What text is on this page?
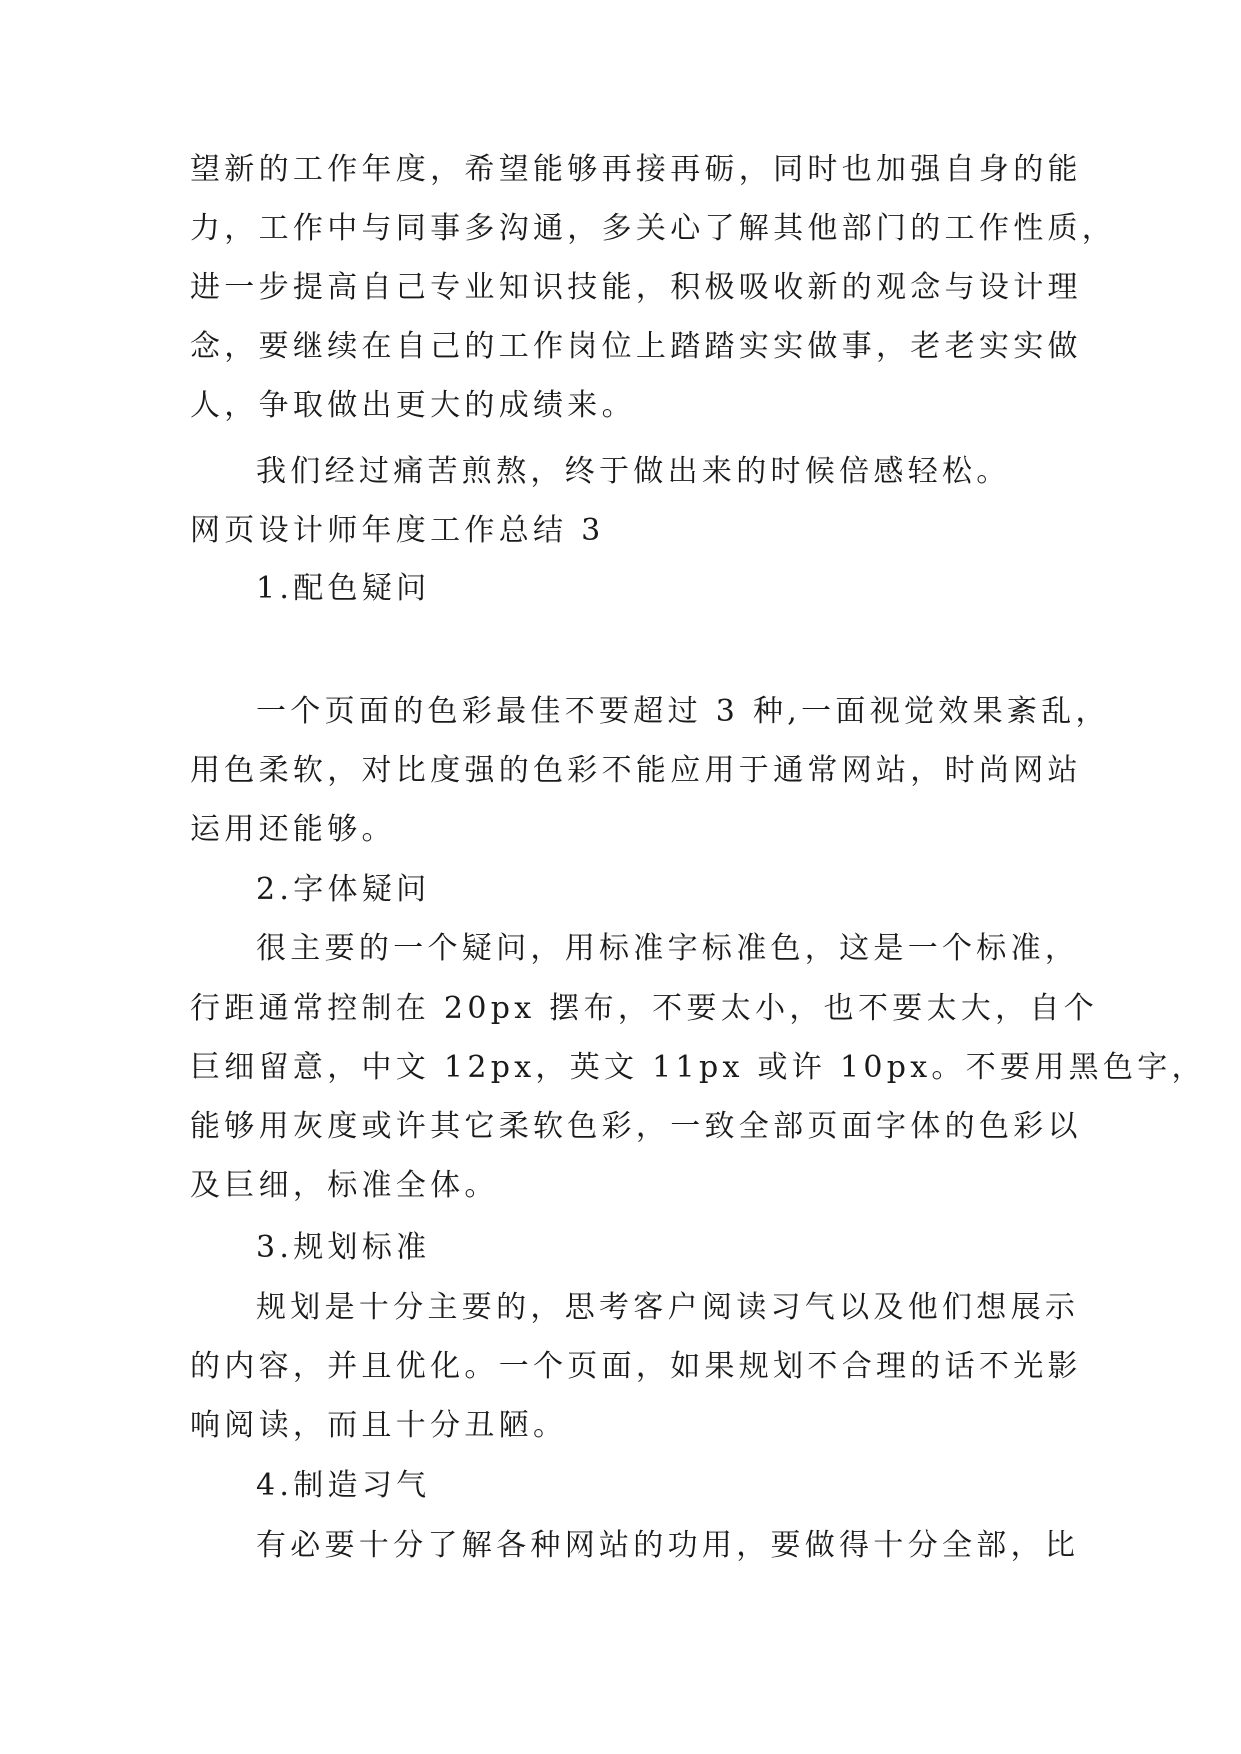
望新的工作年度，希望能够再接再砺，同时也加强自身的能
力，工作中与同事多沟通，多关心了解其他部门的工作性质，
进一步提高自己专业知识技能，积极吸收新的观念与设计理
念，要继续在自己的工作岗位上踏踏实实做事，老老实实做
人，争取做出更大的成绩来。
我们经过痛苦煎熬，终于做出来的时候倍感轻松。
网页设计师年度工作总结 3
1.配色疑问
一个页面的色彩最佳不要超过 3 种,一面视觉效果紊乱，
用色柔软，对比度强的色彩不能应用于通常网站，时尚网站
运用还能够。
2.字体疑问
很主要的一个疑问，用标准字标准色，这是一个标准，
行距通常控制在 20px 摆布，不要太小，也不要太大，自个
巨细留意，中文 12px，英文 11px 或许 10px。不要用黑色字，
能够用灰度或许其它柔软色彩，一致全部页面字体的色彩以
及巨细，标准全体。
3.规划标准
规划是十分主要的，思考客户阅读习气以及他们想展示
的内容，并且优化。一个页面，如果规划不合理的话不光影
响阅读，而且十分丑陋。
4.制造习气
有必要十分了解各种网站的功用，要做得十分全部，比
